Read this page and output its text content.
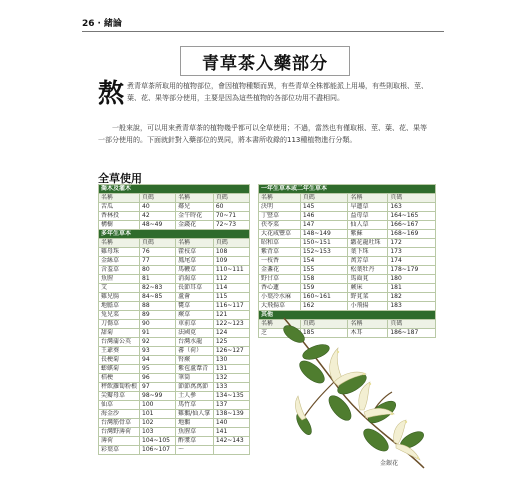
26 ‧ 緒論
青草茶入藥部分
熬 煮青草茶所取用的植物部位，會因植物種類而異，有些青草全株都能派上用場，有些則取根、莖、葉、花、果等部分使用，主要是因為這些植物的各部位功用不盡相同。
一般來說，可以用來煮青草茶的植物幾乎都可以全草使用；不過，當然也有僅取根、莖、葉、花、果等一部分使用的。下面就針對入藥部位的異同，將本書所收錄的113種植物進行分類。
全草使用
喬木及灌木			
名稱	頁碼	名稱	頁碼
苦瓜	40	鄰兒	60
香林投	42	金午時花	70~71
構樹	48~49	金錢花	72~73
多年生草本			
名稱	頁碼	名稱	頁碼
雞母珠	76	藿枝草	108
金絲草	77	鳳尾草	109
含羞草	80	馬鞭草	110~111
魚腥	81	消渴草	112
艾	82~83	長節耳草	114
雞兒腸	84~85	蘆薈	115
地膽草	88	甕草	116~117
兔兒菜	89	蕨草	121
刀傷草	90	車前草	122~123
甜菊	91	法國莧	124
台灣蒲公英	92	台灣水龍	125
王爺葵	93	蕃（荷）	126~127
長梗菊	94	腎蕨	130
蟛蜞菊	95	紫苞蘆葦青	131
桔梗	96	筆筒	132
秤飲蘿蔔粉根	97	節節萬萬節	133
尖瓣母草	98~99	土人參	134~135
仙草	100	馬竹草	137
海金沙	101	雞鵝/仙人掌	138~139
台灣筋骨草	102	地鵝	140
台灣野薄荷	103	魚腥草	141
薄荷	104~105	酢漿草	142~143
彩葉草	106~107	～	
一年生草本或二年生草本			
名稱	頁碼	名稱	頁碼
決明	145	早蓮草	163
丁豎草	146	益母草	164~165
茯苓菜	147	仙人草	166~167
大花咸豐草	148~149	紫蘇	168~169
昭和草	150~151	繖花龍吐珠	172
紫背草	152~153	葉下珠	173
一枝香	154	萬芳草	174
金盞花	155	松葉牡丹	178~179
野甘草	158	馬齒莧	180
香心蓮	159	蕨床	181
小葉冷水麻	160~161	野莧菜	182
大飛揚草	162	小飛揚	183
其他			
名稱	頁碼	名稱	頁碼
芝	185	木耳	186~187
金銀花
